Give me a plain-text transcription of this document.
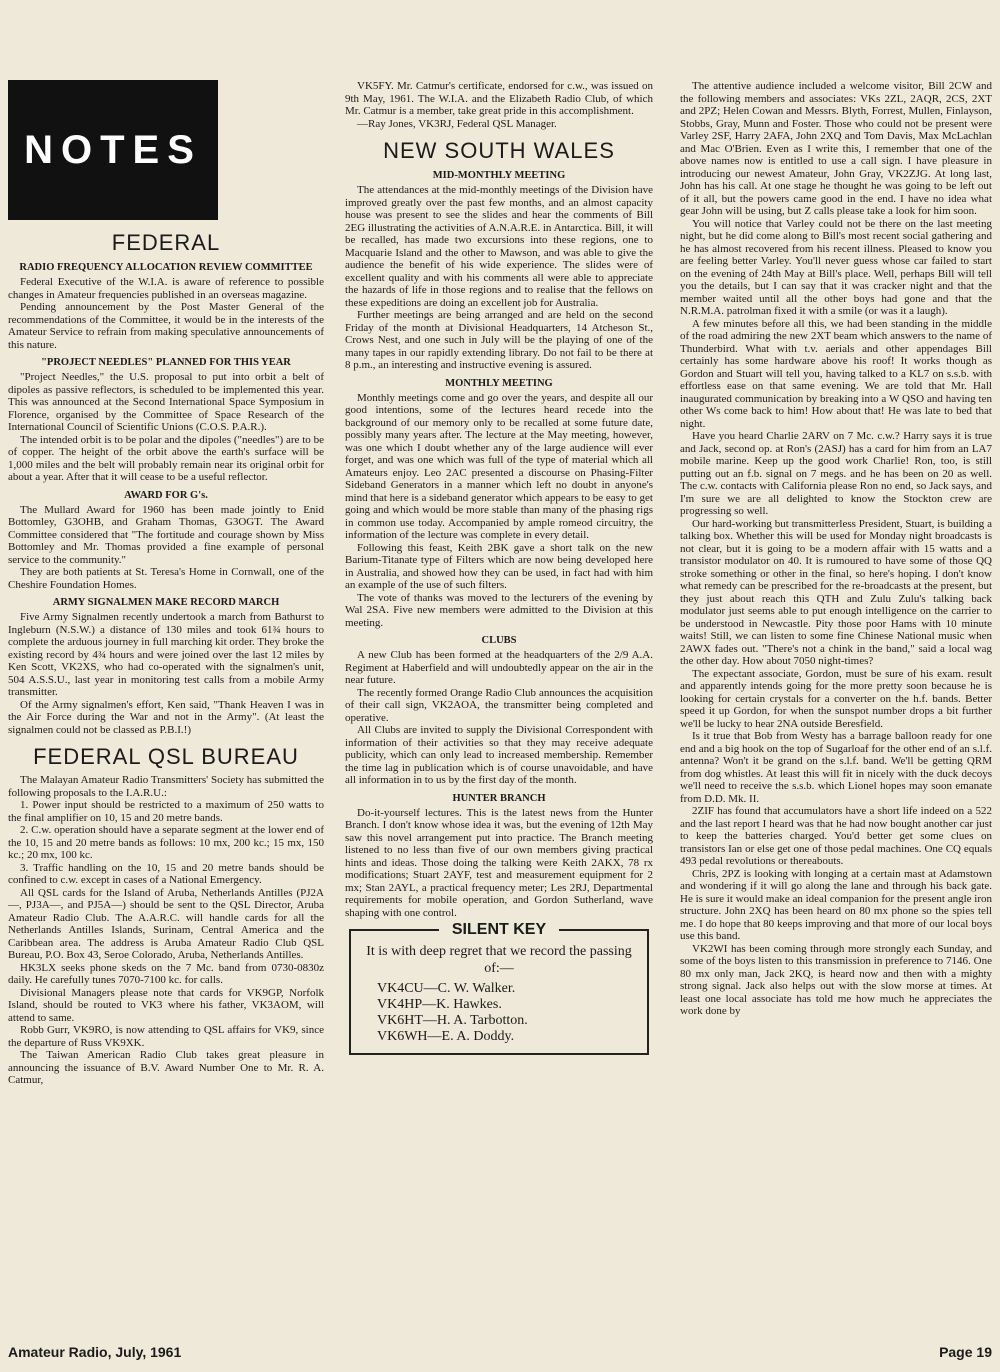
NOTES
FEDERAL
RADIO FREQUENCY ALLOCATION REVIEW COMMITTEE
Federal Executive of the W.I.A. is aware of reference to possible changes in Amateur frequencies published in an overseas magazine.
Pending announcement by the Post Master General of the recommendations of the Committee, it would be in the interests of the Amateur Service to refrain from making speculative announcements of this nature.
"PROJECT NEEDLES" PLANNED FOR THIS YEAR
"Project Needles," the U.S. proposal to put into orbit a belt of dipoles as passive reflectors, is scheduled to be implemented this year. This was announced at the Second International Space Symposium in Florence, organised by the Committee of Space Research of the International Council of Scientific Unions (C.O.S. P.A.R.).
The intended orbit is to be polar and the dipoles ("needles") are to be of copper. The height of the orbit above the earth's surface will be 1,000 miles and the belt will probably remain near its original orbit for about a year. After that it will cease to be a useful reflector.
AWARD FOR G's.
The Mullard Award for 1960 has been made jointly to Enid Bottomley, G3OHB, and Graham Thomas, G3OGT. The Award Committee considered that "The fortitude and courage shown by Miss Bottomley and Mr. Thomas provided a fine example of personal service to the community."
They are both patients at St. Teresa's Home in Cornwall, one of the Cheshire Foundation Homes.
ARMY SIGNALMEN MAKE RECORD MARCH
Five Army Signalmen recently undertook a march from Bathurst to Ingleburn (N.S.W.) a distance of 130 miles and took 61¾ hours to complete the arduous journey in full marching kit order. They broke the existing record by 4¾ hours and were joined over the last 12 miles by Ken Scott, VK2XS, who had co-operated with the signalmen's unit, 504 A.S.S.U., last year in monitoring test calls from a mobile Army transmitter.
Of the Army signalmen's effort, Ken said, "Thank Heaven I was in the Air Force during the War and not in the Army". (At least the signalmen could not be classed as P.B.I.!)
FEDERAL QSL BUREAU
The Malayan Amateur Radio Transmitters' Society has submitted the following proposals to the I.A.R.U.:
1. Power input should be restricted to a maximum of 250 watts to the final amplifier on 10, 15 and 20 metre bands.
2. C.w. operation should have a separate segment at the lower end of the 10, 15 and 20 metre bands as follows: 10 mx, 200 kc.; 15 mx, 150 kc.; 20 mx, 100 kc.
3. Traffic handling on the 10, 15 and 20 metre bands should be confined to c.w. except in cases of a National Emergency.
All QSL cards for the Island of Aruba, Netherlands Antilles (PJ2A—, PJ3A—, and PJ5A—) should be sent to the QSL Director, Aruba Amateur Radio Club. The A.A.R.C. will handle cards for all the Netherlands Antilles Islands, Surinam, Central America and the Caribbean area. The address is Aruba Amateur Radio Club QSL Bureau, P.O. Box 43, Seroe Colorado, Aruba, Netherlands Antilles.
HK3LX seeks phone skeds on the 7 Mc. band from 0730-0830z daily. He carefully tunes 7070-7100 kc. for calls.
Divisional Managers please note that cards for VK9GP, Norfolk Island, should be routed to VK3 where his father, VK3AOM, will attend to same.
Robb Gurr, VK9RO, is now attending to QSL affairs for VK9, since the departure of Russ VK9XK.
The Taiwan American Radio Club takes great pleasure in announcing the issuance of B.V. Award Number One to Mr. R. A. Catmur,
VK5FY. Mr. Catmur's certificate, endorsed for c.w., was issued on 9th May, 1961. The W.I.A. and the Elizabeth Radio Club, of which Mr. Catmur is a member, take great pride in this accomplishment.
—Ray Jones, VK3RJ, Federal QSL Manager.
NEW SOUTH WALES
MID-MONTHLY MEETING
The attendances at the mid-monthly meetings of the Division have improved greatly over the past few months, and an almost capacity house was present to see the slides and hear the comments of Bill 2EG illustrating the activities of A.N.A.R.E. in Antarctica. Bill, it will be recalled, has made two excursions into these regions, one to Macquarie Island and the other to Mawson, and was able to give the audience the benefit of his wide experience. The slides were of excellent quality and with his comments all were able to appreciate the hazards of life in those regions and to realise that the fellows on these expeditions are doing an excellent job for Australia.
Further meetings are being arranged and are held on the second Friday of the month at Divisional Headquarters, 14 Atcheson St., Crows Nest, and one such in July will be the playing of one of the many tapes in our rapidly extending library. Do not fail to be there at 8 p.m., an interesting and instructive evening is assured.
MONTHLY MEETING
Monthly meetings come and go over the years, and despite all our good intentions, some of the lectures heard recede into the background of our memory only to be recalled at some future date, possibly many years after. The lecture at the May meeting, however, was one which I doubt whether any of the large audience will ever forget, and was one which was full of the type of material which all Amateurs enjoy. Leo 2AC presented a discourse on Phasing-Filter Sideband Generators in a manner which left no doubt in anyone's mind that here is a sideband generator which appears to be easy to get going and which would be more stable than many of the phasing rigs in common use today. Accompanied by ample romeod circuitry, the information of the lecture was complete in every detail.
Following this feast, Keith 2BK gave a short talk on the new Barium-Titanate type of Filters which are now being developed here in Australia, and showed how they can be used, in fact had with him an example of the use of such filters.
The vote of thanks was moved to the lecturers of the evening by Wal 2SA. Five new members were admitted to the Division at this meeting.
CLUBS
A new Club has been formed at the headquarters of the 2/9 A.A. Regiment at Haberfield and will undoubtedly appear on the air in the near future.
The recently formed Orange Radio Club announces the acquisition of their call sign, VK2AOA, the transmitter being completed and operative.
All Clubs are invited to supply the Divisional Correspondent with information of their activities so that they may receive adequate publicity, which can only lead to increased membership. Remember the time lag in publication which is of course unavoidable, and have all information in to us by the first day of the month.
HUNTER BRANCH
Do-it-yourself lectures. This is the latest news from the Hunter Branch. I don't know whose idea it was, but the evening of 12th May saw this novel arrangement put into practice. The Branch meeting listened to no less than five of our own members giving practical hints and ideas. Those doing the talking were Keith 2AKX, 78 rx modifications; Stuart 2AYF, test and measurement equipment for 2 mx; Stan 2AYL, a practical frequency meter; Les 2RJ, Departmental requirements for mobile operation, and Gordon Sutherland, wave shaping with one control.
SILENT KEY
It is with deep regret that we record the passing of:—
VK4CU—C. W. Walker.
VK4HP—K. Hawkes.
VK6HT—H. A. Tarbotton.
VK6WH—E. A. Doddy.
The attentive audience included a welcome visitor, Bill 2CW and the following members and associates: VKs 2ZL, 2AQR, 2CS, 2XT and 2PZ; Helen Cowan and Messrs. Blyth, Forrest, Mullen, Finlayson, Stobbs, Gray, Munn and Foster. Those who could not be present were Varley 2SF, Harry 2AFA, John 2XQ and Tom Davis, Max McLachlan and Mac O'Brien. Even as I write this, I remember that one of the above names now is entitled to use a call sign. I have pleasure in introducing our newest Amateur, John Gray, VK2ZJG. At long last, John has his call. At one stage he thought he was going to be left out of it all, but the powers came good in the end. I have no idea what gear John will be using, but Z calls please take a look for him soon.
You will notice that Varley could not be there on the last meeting night, but he did come along to Bill's most recent social gathering and he has almost recovered from his recent illness. Pleased to know you are feeling better Varley. You'll never guess whose car failed to start on the evening of 24th May at Bill's place. Well, perhaps Bill will tell you the details, but I can say that it was cracker night and that the member waited until all the other boys had gone and that the N.R.M.A. patrolman fixed it with a smile (or was it a laugh).
A few minutes before all this, we had been standing in the middle of the road admiring the new 2XT beam which answers to the name of Thunderbird. What with t.v. aerials and other appendages Bill certainly has some hardware above his roof! It works though as Gordon and Stuart will tell you, having talked to a KL7 on s.s.b. with effortless ease on that same evening. We are told that Mr. Hall inaugurated communication by breaking into a W QSO and having ten other Ws come back to him! How about that! He was late to bed that night.
Have you heard Charlie 2ARV on 7 Mc. c.w.? Harry says it is true and Jack, second op. at Ron's (2ASJ) has a card for him from an LA7 mobile marine. Keep up the good work Charlie! Ron, too, is still putting out an f.b. signal on 7 megs. and he has been on 20 as well. The c.w. contacts with California please Ron no end, so Jack says, and I'm sure we are all delighted to know the Stockton crew are progressing so well.
Our hard-working but transmitterless President, Stuart, is building a talking box. Whether this will be used for Monday night broadcasts is not clear, but it is going to be a modern affair with 15 watts and a transistor modulator on 40. It is rumoured to have some of those QQ stroke something or other in the final, so here's hoping. I don't know what remedy can be prescribed for the re-broadcasts at the present, but they just about reach this QTH and Zulu Zulu's talking back modulator just seems able to put enough intelligence on the carrier to be understood in Newcastle. Pity those poor Hams with 10 minute waits! Still, we can listen to some fine Chinese National music when 2AWX fades out. "There's not a chink in the band," said a local wag the other day. How about 7050 night-times?
The expectant associate, Gordon, must be sure of his exam. result and apparently intends going for the more pretty soon because he is looking for certain crystals for a converter on the h.f. bands. Better speed it up Gordon, for when the sunspot number drops a bit further we'll be lucky to hear 2NA outside Beresfield.
Is it true that Bob from Westy has a barrage balloon ready for one end and a big hook on the top of Sugarloaf for the other end of an s.l.f. antenna? Won't it be grand on the s.l.f. band. We'll be getting QRM from dog whistles. At least this will fit in nicely with the duck decoys we'll need to receive the s.s.b. which Lionel hopes may soon emanate from D.D. Mk. II.
2ZIF has found that accumulators have a short life indeed on a 522 and the last report I heard was that he had now bought another car just to keep the batteries charged. You'd better get some clues on transistors Ian or else get one of those pedal machines. One CQ equals 493 pedal revolutions or thereabouts.
Chris, 2PZ is looking with longing at a certain mast at Adamstown and wondering if it will go along the lane and through his back gate. He is sure it would make an ideal companion for the present angle iron structure. John 2XQ has been heard on 80 mx phone so the spies tell me. I do hope that 80 keeps improving and that more of our local boys use this band.
VK2WI has been coming through more strongly each Sunday, and some of the boys listen to this transmission in preference to 7146. One 80 mx only man, Jack 2KQ, is heard now and then with a mighty strong signal. Jack also helps out with the slow morse at times. At least one local associate has told me how much he appreciates the work done by
Amateur Radio, July, 1961	Page 19
